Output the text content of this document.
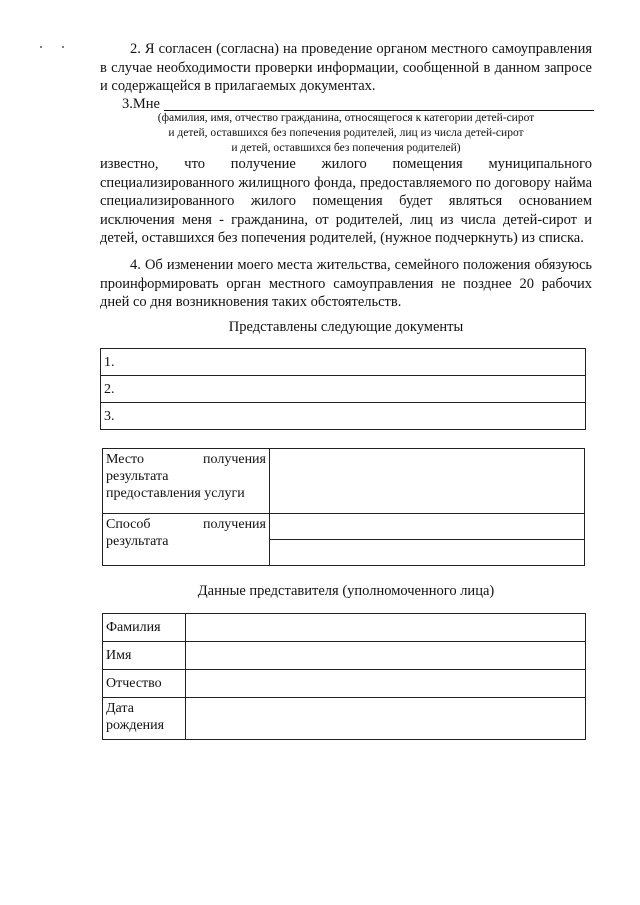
2. Я согласен (согласна) на проведение органом местного самоуправления в случае необходимости проверки информации, сообщенной в данном запросе и содержащейся в прилагаемых документах.

3.Мне
(фамилия, имя, отчество гражданина, относящегося к категории детей-сирот
и детей, оставшихся без попечения родителей, лиц из числа детей-сирот
и детей, оставшихся без попечения родителей)

известно, что получение жилого помещения муниципального специализированного жилищного фонда, предоставляемого по договору найма специализированного жилого помещения будет являться основанием исключения меня - гражданина, от родителей, лиц из числа детей-сирот и детей, оставшихся без попечения родителей, (нужное подчеркнуть) из списка.

4. Об изменении моего места жительства, семейного положения обязуюсь проинформировать орган местного самоуправления не позднее 20 рабочих дней со дня возникновения таких обстоятельств.

Представлены следующие документы
1.
2.
3.
Место получения результата предоставления услуги	

Способ получения результата	

Данные представителя (уполномоченного лица)
Фамилия	
Имя	
Отчество	
Дата рождения	
